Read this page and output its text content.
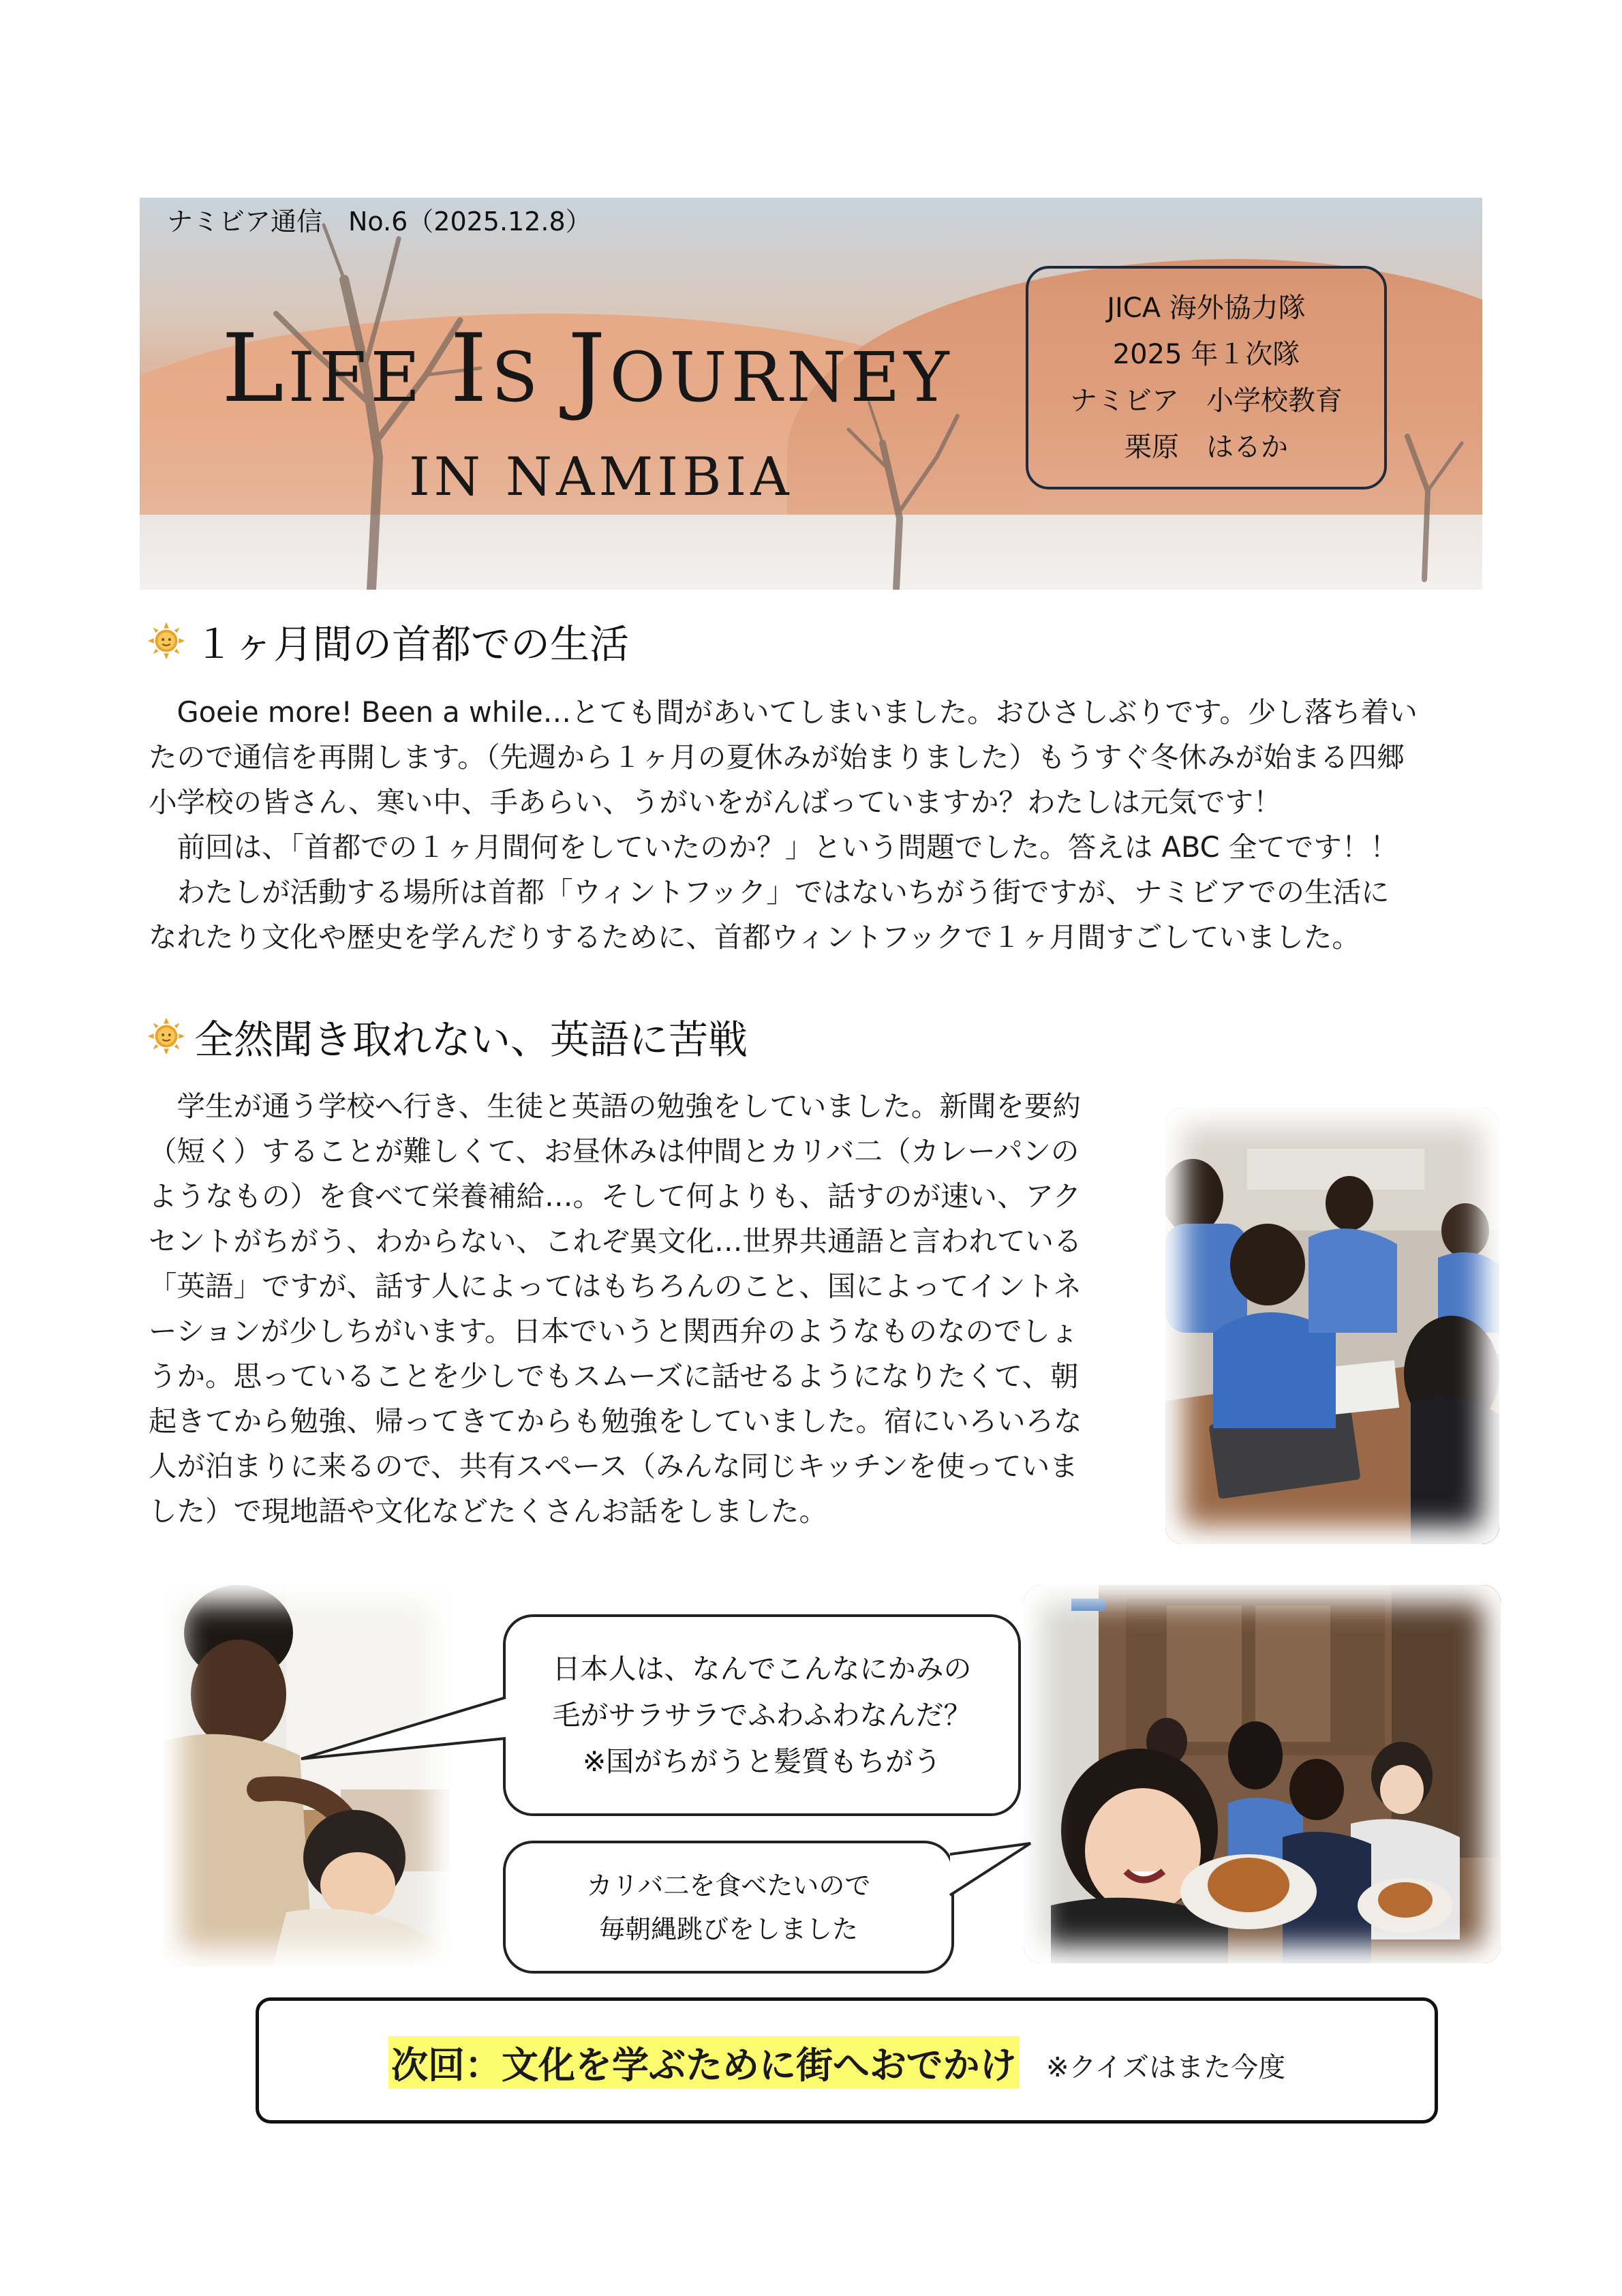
ナミビア通信　No.6（2025.12.8）
LIFE IS JOURNEY
IN NAMIBIA
JICA 海外協力隊
2025 年１次隊
ナミビア　小学校教育
栗原　はるか
１ヶ月間の首都での生活

　Goeie more! Been a while…とても間があいてしまいました。おひさしぶりです。少し落ち着い

たので通信を再開します。（先週から１ヶ月の夏休みが始まりました）もうすぐ冬休みが始まる四郷

小学校の皆さん、寒い中、手あらい、うがいをがんばっていますか？わたしは元気です！

　前回は、「首都での１ヶ月間何をしていたのか？」という問題でした。答えは ABC 全てです！！

　わたしが活動する場所は首都「ウィントフック」ではないちがう街ですが、ナミビアでの生活に

なれたり文化や歴史を学んだりするために、首都ウィントフックで１ヶ月間すごしていました。

全然聞き取れない、英語に苦戦

　学生が通う学校へ行き、生徒と英語の勉強をしていました。新聞を要約

（短く）することが難しくて、お昼休みは仲間とカリバ二（カレーパンの

ようなもの）を食べて栄養補給…。そして何よりも、話すのが速い、アク

セントがちがう、わからない、これぞ異文化…世界共通語と言われている

「英語」ですが、話す人によってはもちろんのこと、国によってイントネ

ーションが少しちがいます。日本でいうと関西弁のようなものなのでしょ

うか。思っていることを少しでもスムーズに話せるようになりたくて、朝

起きてから勉強、帰ってきてからも勉強をしていました。宿にいろいろな

人が泊まりに来るので、共有スペース（みんな同じキッチンを使っていま

した）で現地語や文化などたくさんお話をしました。

日本人は、なんでこんなにかみの
毛がサラサラでふわふわなんだ？
※国がちがうと髪質もちがう
カリバ二を食べたいので
毎朝縄跳びをしました
次回：文化を学ぶために街へおでかけ ※クイズはまた今度
